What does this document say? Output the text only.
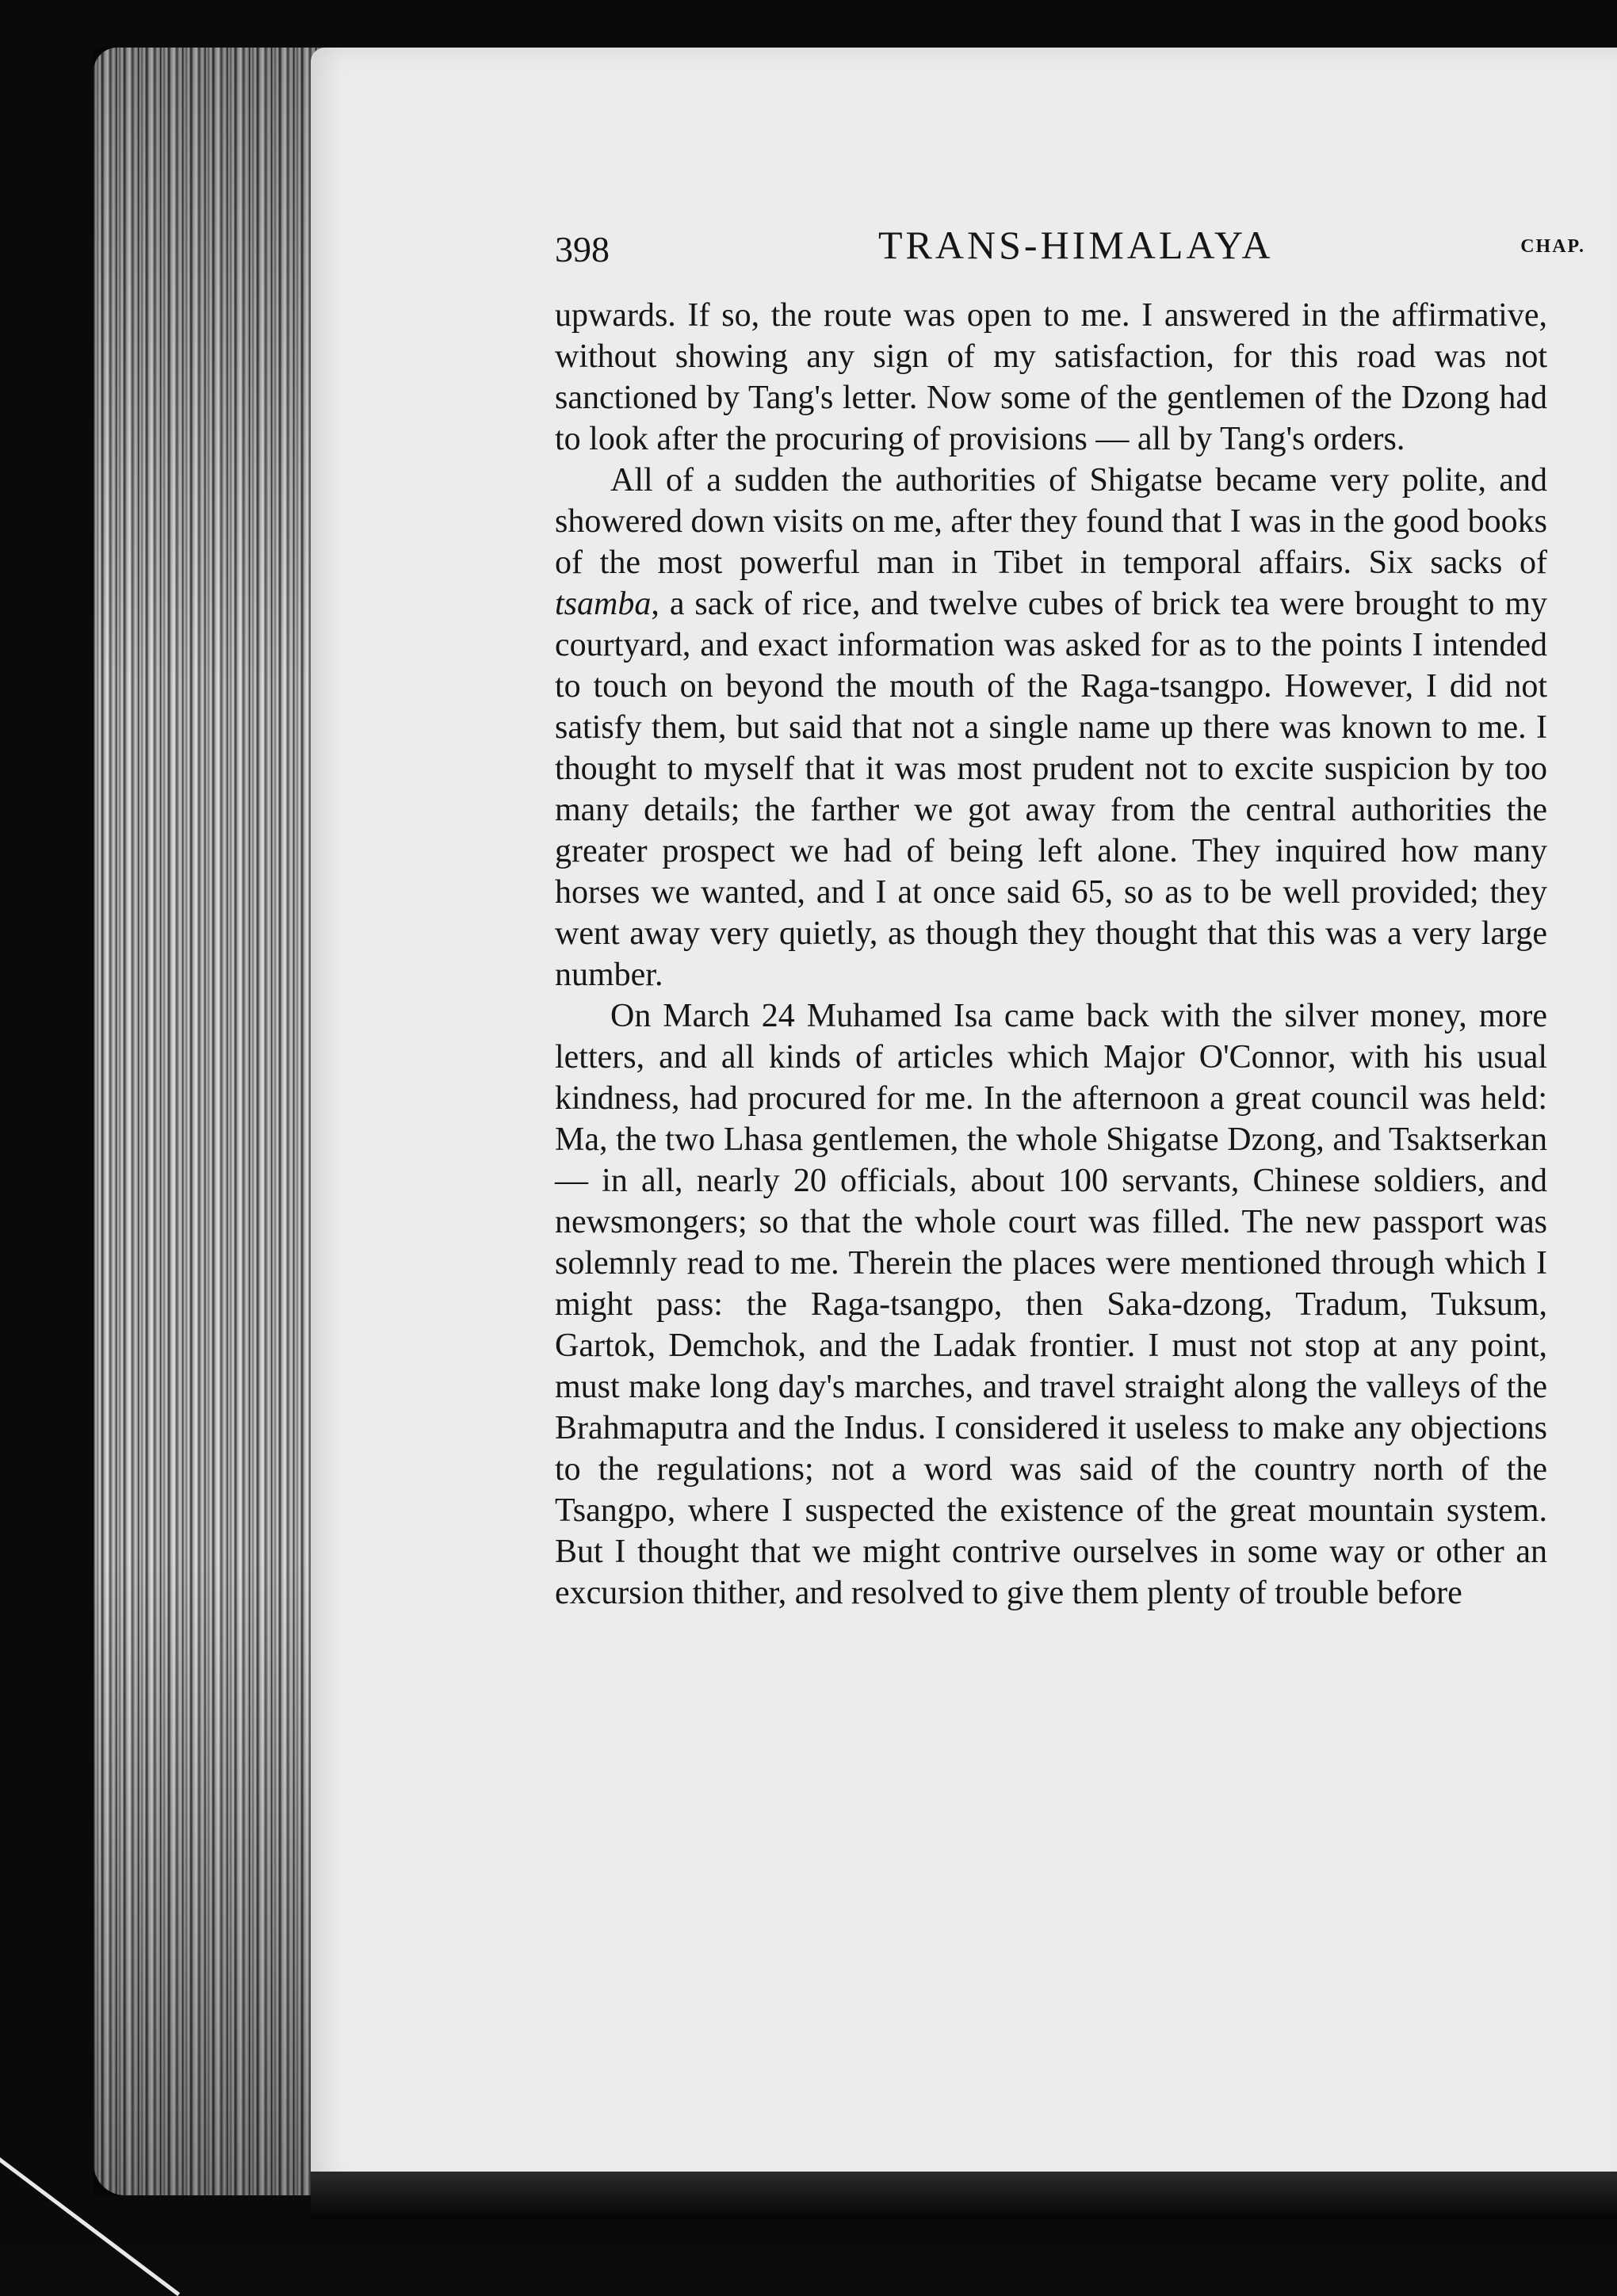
398	TRANS-HIMALAYA	CHAP.

upwards. If so, the route was open to me. I answered in the affirmative, without showing any sign of my satisfaction, for this road was not sanctioned by Tang's letter. Now some of the gentlemen of the Dzong had to look after the procuring of provisions — all by Tang's orders.

All of a sudden the authorities of Shigatse became very polite, and showered down visits on me, after they found that I was in the good books of the most powerful man in Tibet in temporal affairs. Six sacks of tsamba, a sack of rice, and twelve cubes of brick tea were brought to my courtyard, and exact information was asked for as to the points I intended to touch on beyond the mouth of the Raga-tsangpo. However, I did not satisfy them, but said that not a single name up there was known to me. I thought to myself that it was most prudent not to excite suspicion by too many details; the farther we got away from the central authorities the greater prospect we had of being left alone. They inquired how many horses we wanted, and I at once said 65, so as to be well provided; they went away very quietly, as though they thought that this was a very large number.

On March 24 Muhamed Isa came back with the silver money, more letters, and all kinds of articles which Major O'Connor, with his usual kindness, had procured for me. In the afternoon a great council was held: Ma, the two Lhasa gentlemen, the whole Shigatse Dzong, and Tsaktserkan — in all, nearly 20 officials, about 100 servants, Chinese soldiers, and newsmongers; so that the whole court was filled. The new passport was solemnly read to me. Therein the places were mentioned through which I might pass: the Raga-tsangpo, then Saka-dzong, Tradum, Tuksum, Gartok, Demchok, and the Ladak frontier. I must not stop at any point, must make long day's marches, and travel straight along the valleys of the Brahmaputra and the Indus. I considered it useless to make any objections to the regulations; not a word was said of the country north of the Tsangpo, where I suspected the existence of the great mountain system. But I thought that we might contrive ourselves in some way or other an excursion thither, and resolved to give them plenty of trouble before
